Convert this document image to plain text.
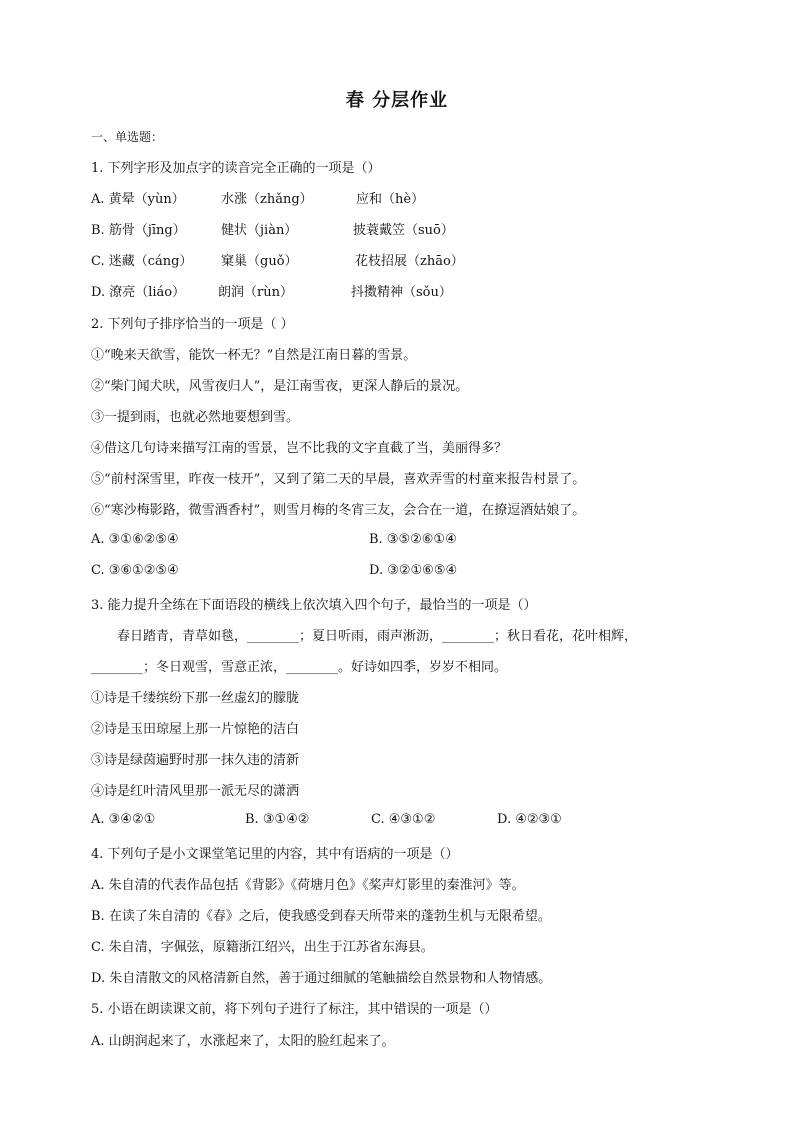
春 分层作业
一、单选题：
1. 下列字形及加点字的读音完全正确的一项是（）
A. 黄晕（yùn）	水涨（zhǎng）	应和（hè）
B. 筋骨（jīng）	健状（jiàn）	披蓑戴笠（suō）
C. 迷藏（cáng） 窠巢（guǒ）	花枝招展（zhāo）
D. 潦亮（liáo）	朗润（rùn）	抖擞精神（sǒu）
2. 下列句子排序恰当的一项是（ ）
①“晚来天欲雪，能饮一杯无？”自然是江南日暮的雪景。
②“柴门闻犬吠，风雪夜归人”，是江南雪夜，更深人静后的景况。
③一提到雨，也就必然地要想到雪。
④借这几句诗来描写江南的雪景，岂不比我的文字直截了当，美丽得多？
⑤“前村深雪里，昨夜一枝开”，又到了第二天的早晨，喜欢弄雪的村童来报告村景了。
⑥“寒沙梅影路，微雪酒香村”，则雪月梅的冬宵三友，会合在一道，在撩逗酒姑娘了。
A. ③①⑥②⑤④	B. ③⑤②⑥①④
C. ③⑥①②⑤④	D. ③②①⑥⑤④
3. 能力提升全练在下面语段的横线上依次填入四个句子，最恰当的一项是（）
春日踏青，青草如毯，________；夏日听雨，雨声淅沥，________；秋日看花，花叶相辉，
________；冬日观雪，雪意正浓，________。好诗如四季，岁岁不相同。
①诗是千缕缤纷下那一丝虚幻的朦胧
②诗是玉田琼屋上那一片惊艳的洁白
③诗是绿茵遍野时那一抹久违的清新
④诗是红叶清风里那一派无尽的潇洒
A. ③④②①	B. ③①④②	C. ④③①②	D. ④②③①
4. 下列句子是小文课堂笔记里的内容，其中有语病的一项是（）
A. 朱自清的代表作品包括《背影》《荷塘月色》《桨声灯影里的秦淮河》等。
B. 在读了朱自清的《春》之后，使我感受到春天所带来的蓬勃生机与无限希望。
C. 朱自清，字佩弦，原籍浙江绍兴，出生于江苏省东海县。
D. 朱自清散文的风格清新自然，善于通过细腻的笔触描绘自然景物和人物情感。
5. 小语在朗读课文前，将下列句子进行了标注，其中错误的一项是（）
A. 山朗润起来了，水涨起来了，太阳的脸红起来了。
